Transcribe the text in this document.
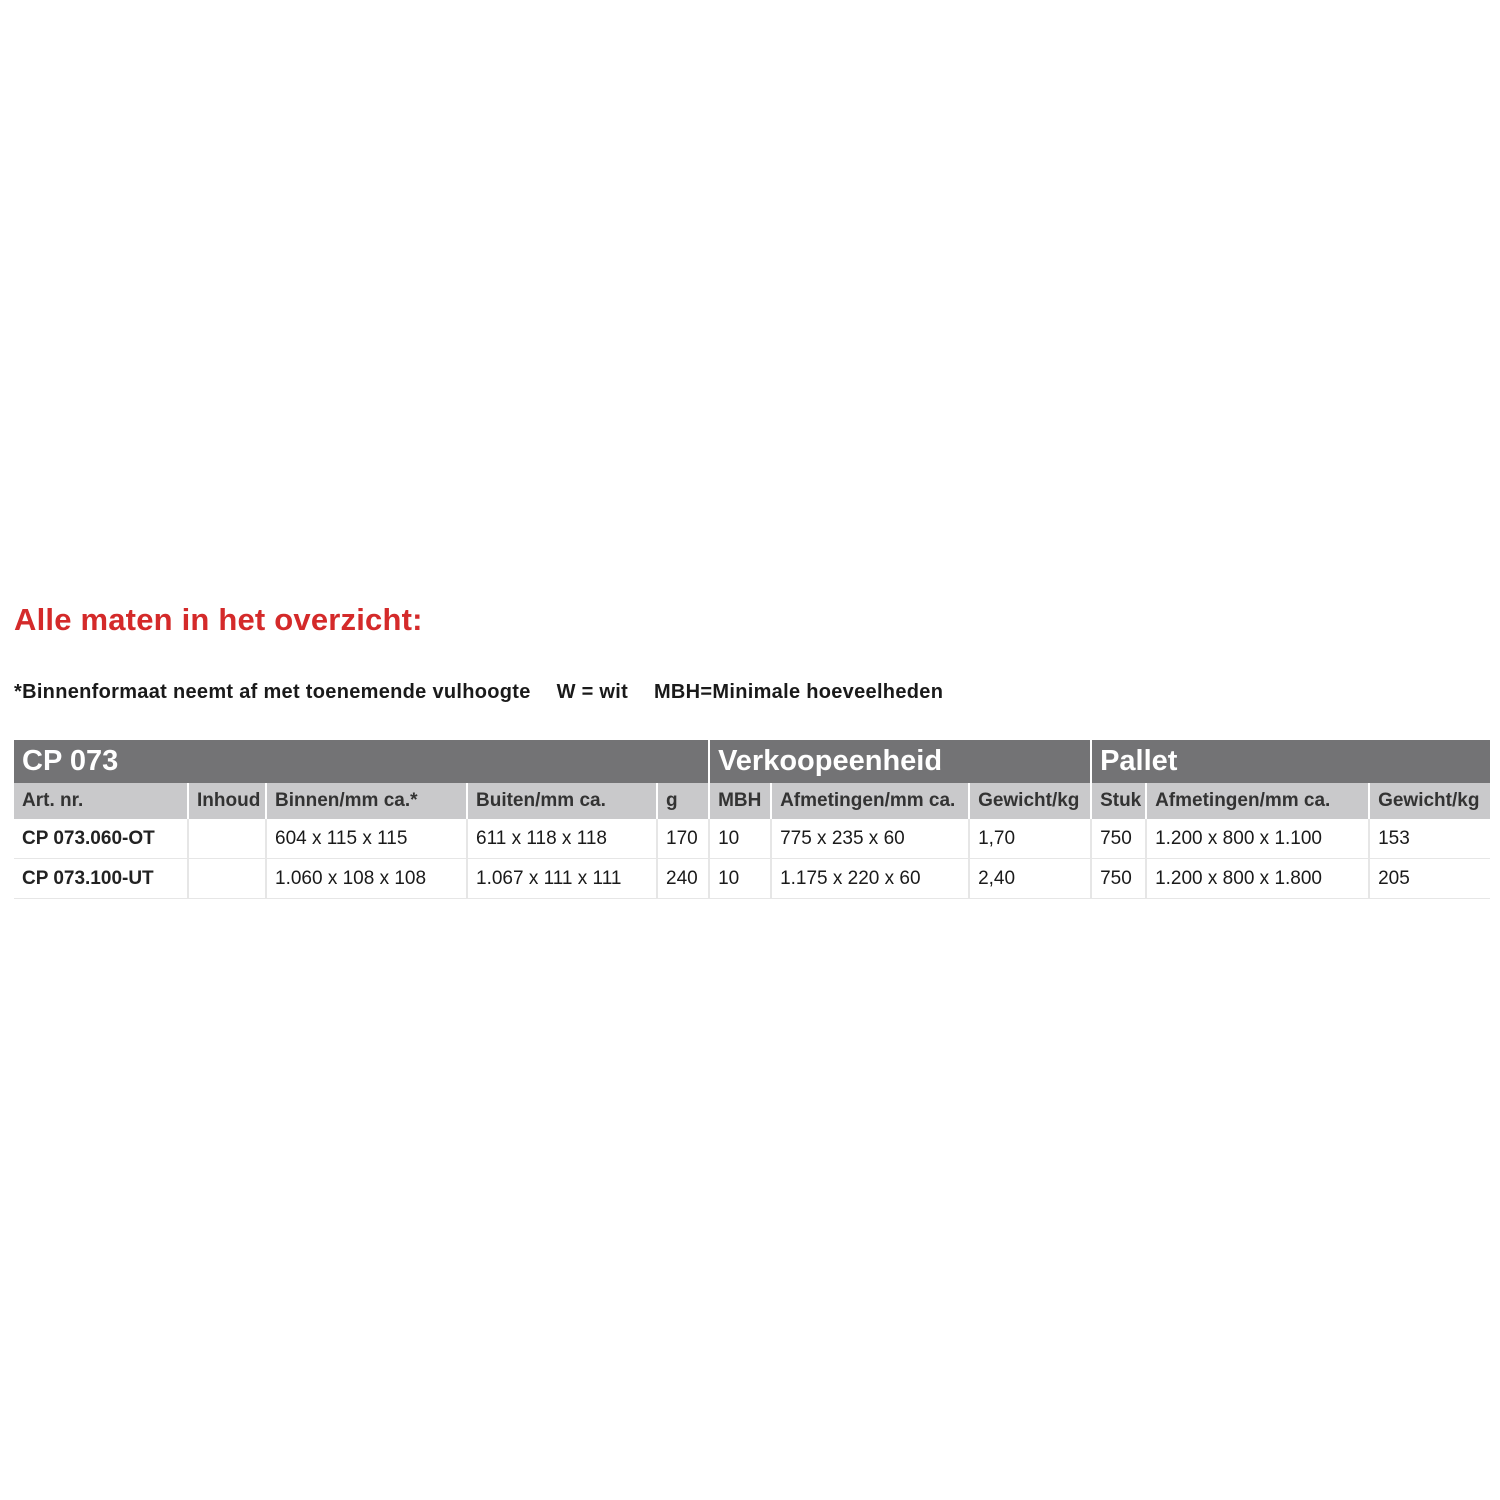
Alle maten in het overzicht:

*Binnenformaat neemt af met toenemende vulhoogte W = wit MBH=Minimale hoeveelheden

CP 073					Verkoopeenheid			Pallet		
Art. nr.	Inhoud	Binnen/mm ca.*	Buiten/mm ca.	g	MBH	Afmetingen/mm ca.	Gewicht/kg	Stuk	Afmetingen/mm ca.	Gewicht/kg
CP 073.060-OT		604 x 115 x 115	611 x 118 x 118	170	10	775 x 235 x 60	1,70	750	1.200 x 800 x 1.100	153
CP 073.100-UT		1.060 x 108 x 108	1.067 x 111 x 111	240	10	1.175 x 220 x 60	2,40	750	1.200 x 800 x 1.800	205
